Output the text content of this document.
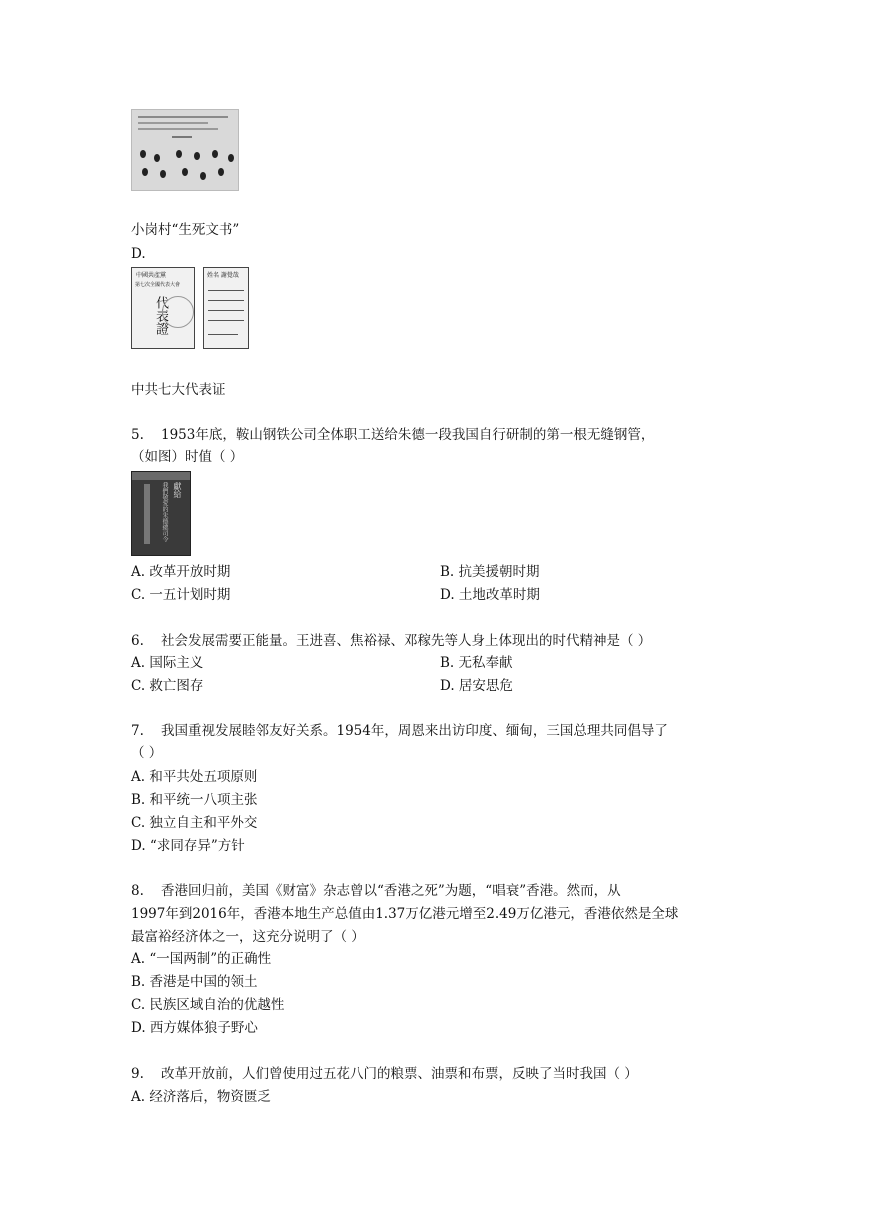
小岗村“生死文书”
D.
中國共產黨
第七次全國代表大會
代表證
姓名 謝覺哉
中共七大代表证
5. 1953年底，鞍山钢铁公司全体职工送给朱德一段我国自行研制的第一根无缝钢管，
（如图）时值（ ）
獻給
我們敬愛的朱德總司令
A. 改革开放时期	B. 抗美援朝时期
C. 一五计划时期	D. 土地改革时期
6. 社会发展需要正能量。王进喜、焦裕禄、邓稼先等人身上体现出的时代精神是（ ）
A. 国际主义	B. 无私奉献
C. 救亡图存	D. 居安思危
7. 我国重视发展睦邻友好关系。1954年，周恩来出访印度、缅甸，三国总理共同倡导了
（ ）
A. 和平共处五项原则
B. 和平统一八项主张
C. 独立自主和平外交
D. “求同存异”方针
8. 香港回归前，美国《财富》杂志曾以“香港之死”为题，“唱衰”香港。然而，从
1997年到2016年，香港本地生产总值由1.37万亿港元增至2.49万亿港元，香港依然是全球
最富裕经济体之一，这充分说明了（ ）
A. “一国两制”的正确性
B. 香港是中国的领土
C. 民族区域自治的优越性
D. 西方媒体狼子野心
9. 改革开放前，人们曾使用过五花八门的粮票、油票和布票，反映了当时我国（ ）
A. 经济落后，物资匮乏
